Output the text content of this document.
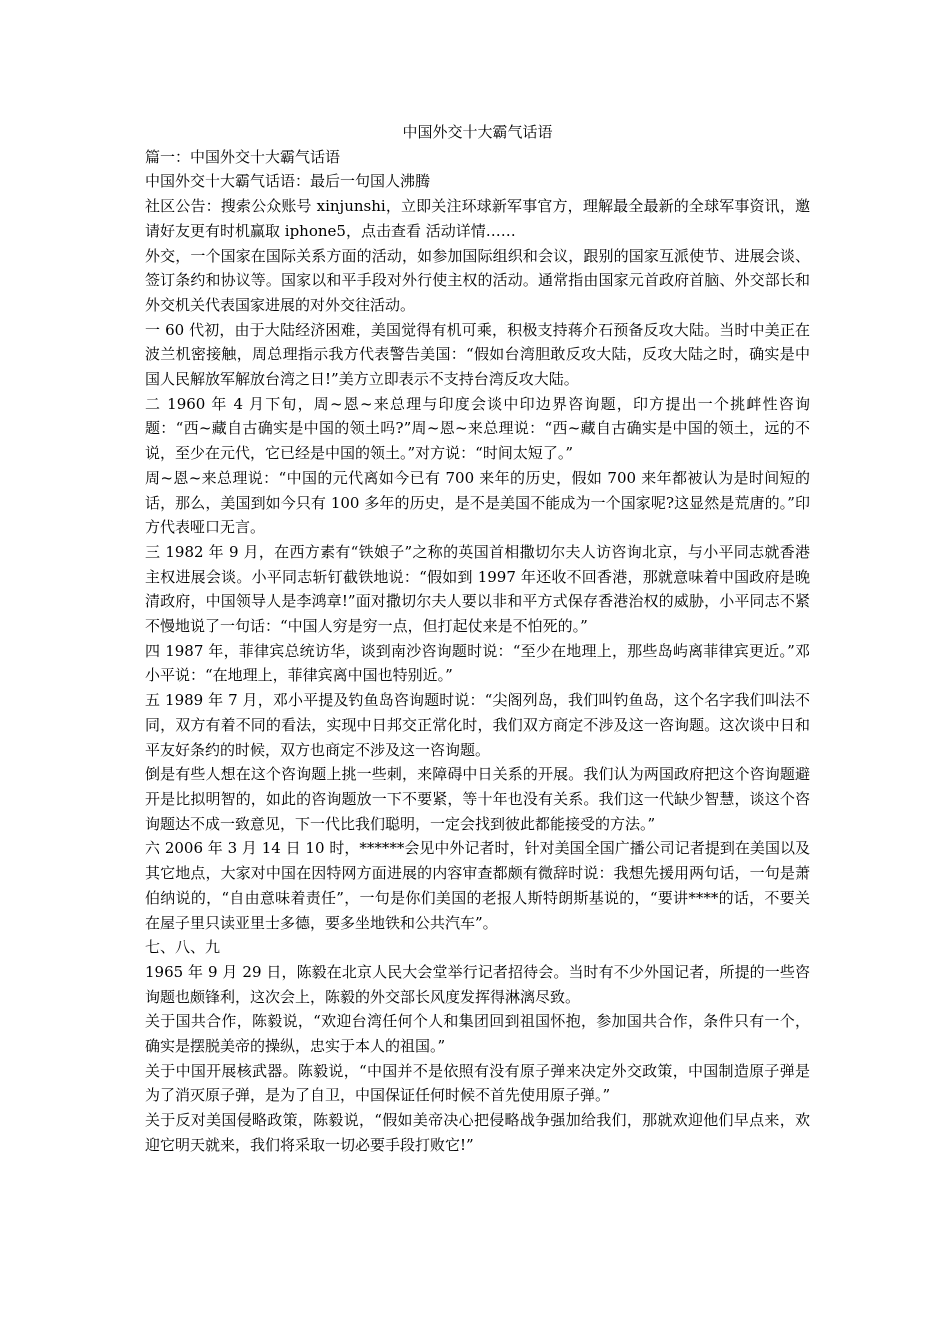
中国外交十大霸气话语

篇一：中国外交十大霸气话语

中国外交十大霸气话语：最后一句国人沸腾

社区公告：搜索公众账号 xinjunshi，立即关注环球新军事官方，理解最全最新的全球军事资讯，邀请好友更有时机赢取 iphone5，点击查看 活动详情……

外交，一个国家在国际关系方面的活动，如参加国际组织和会议，跟别的国家互派使节、进展会谈、签订条约和协议等。国家以和平手段对外行使主权的活动。通常指由国家元首政府首脑、外交部长和外交机关代表国家进展的对外交往活动。

一 60 代初，由于大陆经济困难，美国觉得有机可乘，积极支持蒋介石预备反攻大陆。当时中美正在波兰机密接触，周总理指示我方代表警告美国：“假如台湾胆敢反攻大陆，反攻大陆之时，确实是中国人民解放军解放台湾之日!”美方立即表示不支持台湾反攻大陆。

二 1960 年 4 月下旬，周~恩~来总理与印度会谈中印边界咨询题，印方提出一个挑衅性咨询题：“西~藏自古确实是中国的领土吗?”周~恩~来总理说：“西~藏自古确实是中国的领土，远的不说，至少在元代，它已经是中国的领土。”对方说：“时间太短了。”

周~恩~来总理说：“中国的元代离如今已有 700 来年的历史，假如 700 来年都被认为是时间短的话，那么，美国到如今只有 100 多年的历史，是不是美国不能成为一个国家呢?这显然是荒唐的。”印方代表哑口无言。

三 1982 年 9 月，在西方素有“铁娘子”之称的英国首相撒切尔夫人访咨询北京，与小平同志就香港主权进展会谈。小平同志斩钉截铁地说：“假如到 1997 年还收不回香港，那就意味着中国政府是晚清政府，中国领导人是李鸿章!”面对撒切尔夫人要以非和平方式保存香港治权的威胁，小平同志不紧不慢地说了一句话：“中国人穷是穷一点，但打起仗来是不怕死的。”

四 1987 年，菲律宾总统访华，谈到南沙咨询题时说：“至少在地理上，那些岛屿离菲律宾更近。”邓小平说：“在地理上，菲律宾离中国也特别近。”

五 1989 年 7 月，邓小平提及钓鱼岛咨询题时说：“尖阁列岛，我们叫钓鱼岛，这个名字我们叫法不同，双方有着不同的看法，实现中日邦交正常化时，我们双方商定不涉及这一咨询题。这次谈中日和平友好条约的时候，双方也商定不涉及这一咨询题。

倒是有些人想在这个咨询题上挑一些刺，来障碍中日关系的开展。我们认为两国政府把这个咨询题避开是比拟明智的，如此的咨询题放一下不要紧，等十年也没有关系。我们这一代缺少智慧，谈这个咨询题达不成一致意见，下一代比我们聪明，一定会找到彼此都能接受的方法。”

六 2006 年 3 月 14 日 10 时，******会见中外记者时，针对美国全国广播公司记者提到在美国以及其它地点，大家对中国在因特网方面进展的内容审查都颇有微辞时说：我想先援用两句话，一句是萧伯纳说的，“自由意味着责任”，一句是你们美国的老报人斯特朗斯基说的，“要讲****的话，不要关在屋子里只读亚里士多德，要多坐地铁和公共汽车”。

七、八、九

1965 年 9 月 29 日，陈毅在北京人民大会堂举行记者招待会。当时有不少外国记者，所提的一些咨询题也颇锋利，这次会上，陈毅的外交部长风度发挥得淋漓尽致。

关于国共合作，陈毅说，“欢迎台湾任何个人和集团回到祖国怀抱，参加国共合作，条件只有一个，确实是摆脱美帝的操纵，忠实于本人的祖国。”

关于中国开展核武器。陈毅说，“中国并不是依照有没有原子弹来决定外交政策，中国制造原子弹是为了消灭原子弹，是为了自卫，中国保证任何时候不首先使用原子弹。”

关于反对美国侵略政策，陈毅说，“假如美帝决心把侵略战争强加给我们，那就欢迎他们早点来，欢迎它明天就来，我们将采取一切必要手段打败它!”
